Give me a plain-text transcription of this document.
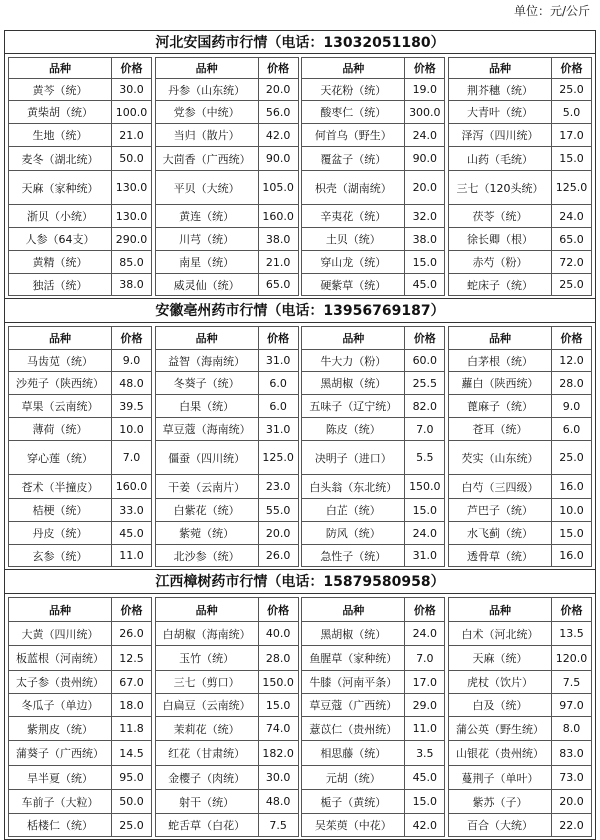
单位：元/公斤
河北安国药市行情（电话：13032051180）
品种	价格
黄芩（统）	30.0
黄柴胡（统）	100.0
生地（统）	21.0
麦冬（湖北统）	50.0
天麻（家种统）	130.0
浙贝（小统）	130.0
人参（64支）	290.0
黄精（统）	85.0
独活（统）	38.0
品种	价格
丹参（山东统）	20.0
党参（中统）	56.0
当归（散片）	42.0
大茴香（广西统）	90.0
平贝（大统）	105.0
黄连（统）	160.0
川芎（统）	38.0
南星（统）	21.0
威灵仙（统）	65.0
品种	价格
天花粉（统）	19.0
酸枣仁（统）	300.0
何首乌（野生）	24.0
覆盆子（统）	90.0
枳壳（湖南统）	20.0
辛夷花（统）	32.0
土贝（统）	38.0
穿山龙（统）	15.0
硬紫草（统）	45.0
品种	价格
荆芥穗（统）	25.0
大青叶（统）	5.0
泽泻（四川统）	17.0
山药（毛统）	15.0
三七（120头统）	125.0
茯苓（统）	24.0
徐长卿（根）	65.0
赤芍（粉）	72.0
蛇床子（统）	25.0
安徽亳州药市行情（电话：13956769187）
品种	价格
马齿苋（统）	9.0
沙苑子（陕西统）	48.0
草果（云南统）	39.5
薄荷（统）	10.0
穿心莲（统）	7.0
苍术（半撞皮）	160.0
桔梗（统）	33.0
丹皮（统）	45.0
玄参（统）	11.0
品种	价格
益智（海南统）	31.0
冬葵子（统）	6.0
白果（统）	6.0
草豆蔻（海南统）	31.0
僵蚕（四川统）	125.0
干姜（云南片）	23.0
白紫花（统）	55.0
紫菀（统）	20.0
北沙参（统）	26.0
品种	价格
牛大力（粉）	60.0
黑胡椒（统）	25.5
五味子（辽宁统）	82.0
陈皮（统）	7.0
决明子（进口）	5.5
白头翁（东北统）	150.0
白芷（统）	15.0
防风（统）	24.0
急性子（统）	31.0
品种	价格
白茅根（统）	12.0
蘿白（陕西统）	28.0
蓖麻子（统）	9.0
苍耳（统）	6.0
芡实（山东统）	25.0
白芍（三四级）	16.0
芦巴子（统）	10.0
水飞蓟（统）	15.0
透骨草（统）	16.0
江西樟树药市行情（电话：15879580958）
品种	价格
大黄（四川统）	26.0
板蓝根（河南统）	12.5
太子参（贵州统）	67.0
冬瓜子（单边）	18.0
紫荆皮（统）	11.8
蒲葵子（广西统）	14.5
旱半夏（统）	95.0
车前子（大粒）	50.0
栝楼仁（统）	25.0
品种	价格
白胡椒（海南统）	40.0
玉竹（统）	28.0
三七（剪口）	150.0
白扁豆（云南统）	15.0
茉莉花（统）	74.0
红花（甘肃统）	182.0
金樱子（肉统）	30.0
射干（统）	48.0
蛇舌草（白花）	7.5
品种	价格
黑胡椒（统）	24.0
鱼腥草（家种统）	7.0
牛膝（河南平条）	17.0
草豆蔻（广西统）	29.0
薏苡仁（贵州统）	11.0
相思藤（统）	3.5
元胡（统）	45.0
栀子（黄统）	15.0
吴茱萸（中花）	42.0
品种	价格
白术（河北统）	13.5
天麻（统）	120.0
虎杖（饮片）	7.5
白及（统）	97.0
蒲公英（野生统）	8.0
山银花（贵州统）	83.0
蔓荆子（单叶）	73.0
紫苏（子）	20.0
百合（大统）	22.0
